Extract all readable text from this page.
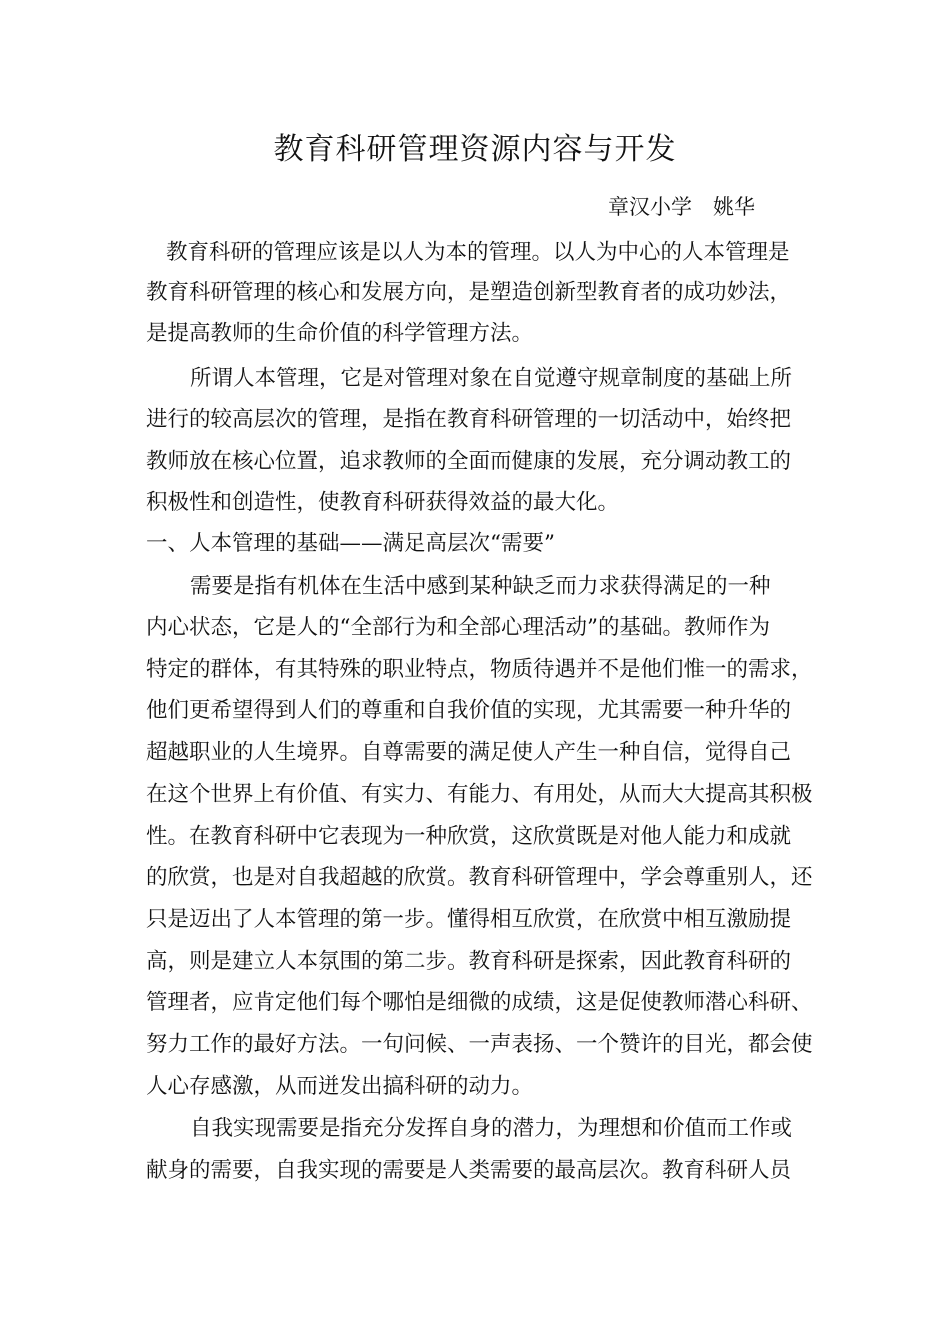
教育科研管理资源内容与开发
章汉小学　姚华
教育科研的管理应该是以人为本的管理。以人为中心的人本管理是
教育科研管理的核心和发展方向，是塑造创新型教育者的成功妙法，
是提高教师的生命价值的科学管理方法。
所谓人本管理，它是对管理对象在自觉遵守规章制度的基础上所
进行的较高层次的管理，是指在教育科研管理的一切活动中，始终把
教师放在核心位置，追求教师的全面而健康的发展，充分调动教工的
积极性和创造性，使教育科研获得效益的最大化。
一、人本管理的基础——满足高层次“需要”
需要是指有机体在生活中感到某种缺乏而力求获得满足的一种
内心状态，它是人的“全部行为和全部心理活动”的基础。教师作为
特定的群体，有其特殊的职业特点，物质待遇并不是他们惟一的需求，
他们更希望得到人们的尊重和自我价值的实现，尤其需要一种升华的
超越职业的人生境界。自尊需要的满足使人产生一种自信，觉得自己
在这个世界上有价值、有实力、有能力、有用处，从而大大提高其积极
性。在教育科研中它表现为一种欣赏，这欣赏既是对他人能力和成就
的欣赏，也是对自我超越的欣赏。教育科研管理中，学会尊重别人，还
只是迈出了人本管理的第一步。懂得相互欣赏，在欣赏中相互激励提
高，则是建立人本氛围的第二步。教育科研是探索，因此教育科研的
管理者，应肯定他们每个哪怕是细微的成绩，这是促使教师潜心科研、
努力工作的最好方法。一句问候、一声表扬、一个赞许的目光，都会使
人心存感激，从而迸发出搞科研的动力。
自我实现需要是指充分发挥自身的潜力，为理想和价值而工作或
献身的需要，自我实现的需要是人类需要的最高层次。教育科研人员
